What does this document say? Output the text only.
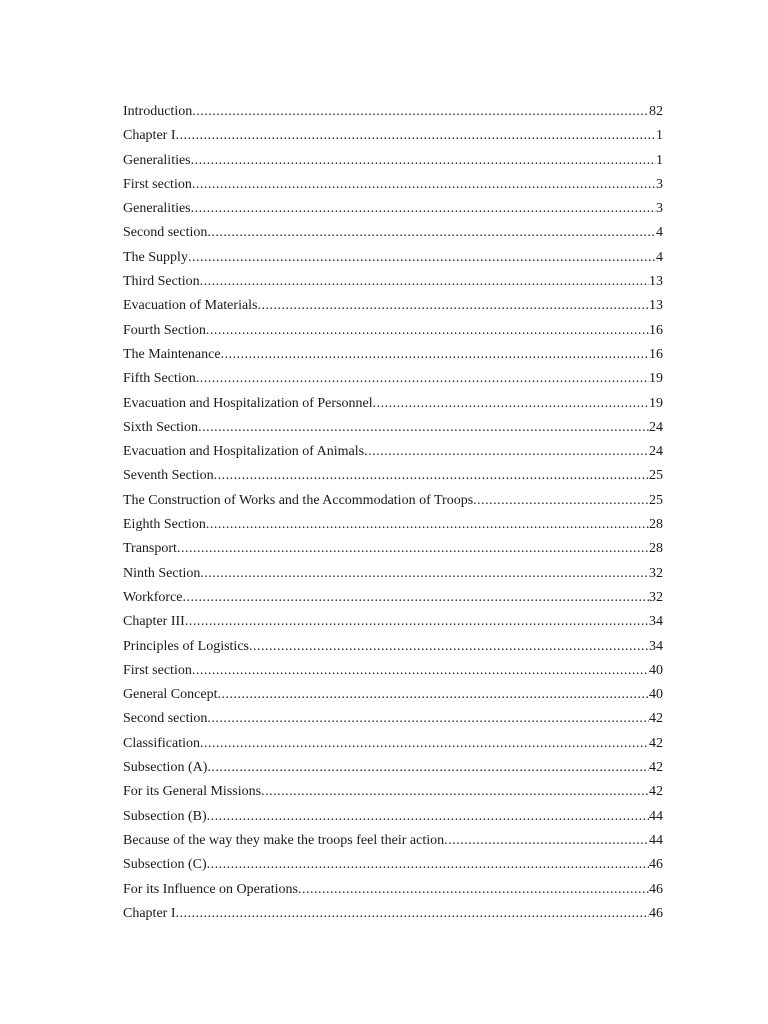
Introduction .....	82
Chapter I .....	1
Generalities .....	1
First section .....	3
Generalities .....	3
Second section .....	4
The Supply .....	4
Third Section .....	13
Evacuation of Materials .....	13
Fourth Section .....	16
The Maintenance .....	16
Fifth Section .....	19
Evacuation and Hospitalization of Personnel .....	19
Sixth Section .....	24
Evacuation and Hospitalization of Animals .....	24
Seventh Section .....	25
The Construction of Works and the Accommodation of Troops .....	25
Eighth Section .....	28
Transport .....	28
Ninth Section .....	32
Workforce .....	32
Chapter III .....	34
Principles of Logistics .....	34
First section .....	40
General Concept .....	40
Second section .....	42
Classification .....	42
Subsection (A) .....	42
For its General Missions .....	42
Subsection (B) .....	44
Because of the way they make the troops feel their action .....	44
Subsection (C) .....	46
For its Influence on Operations .....	46
Chapter I .....	46
